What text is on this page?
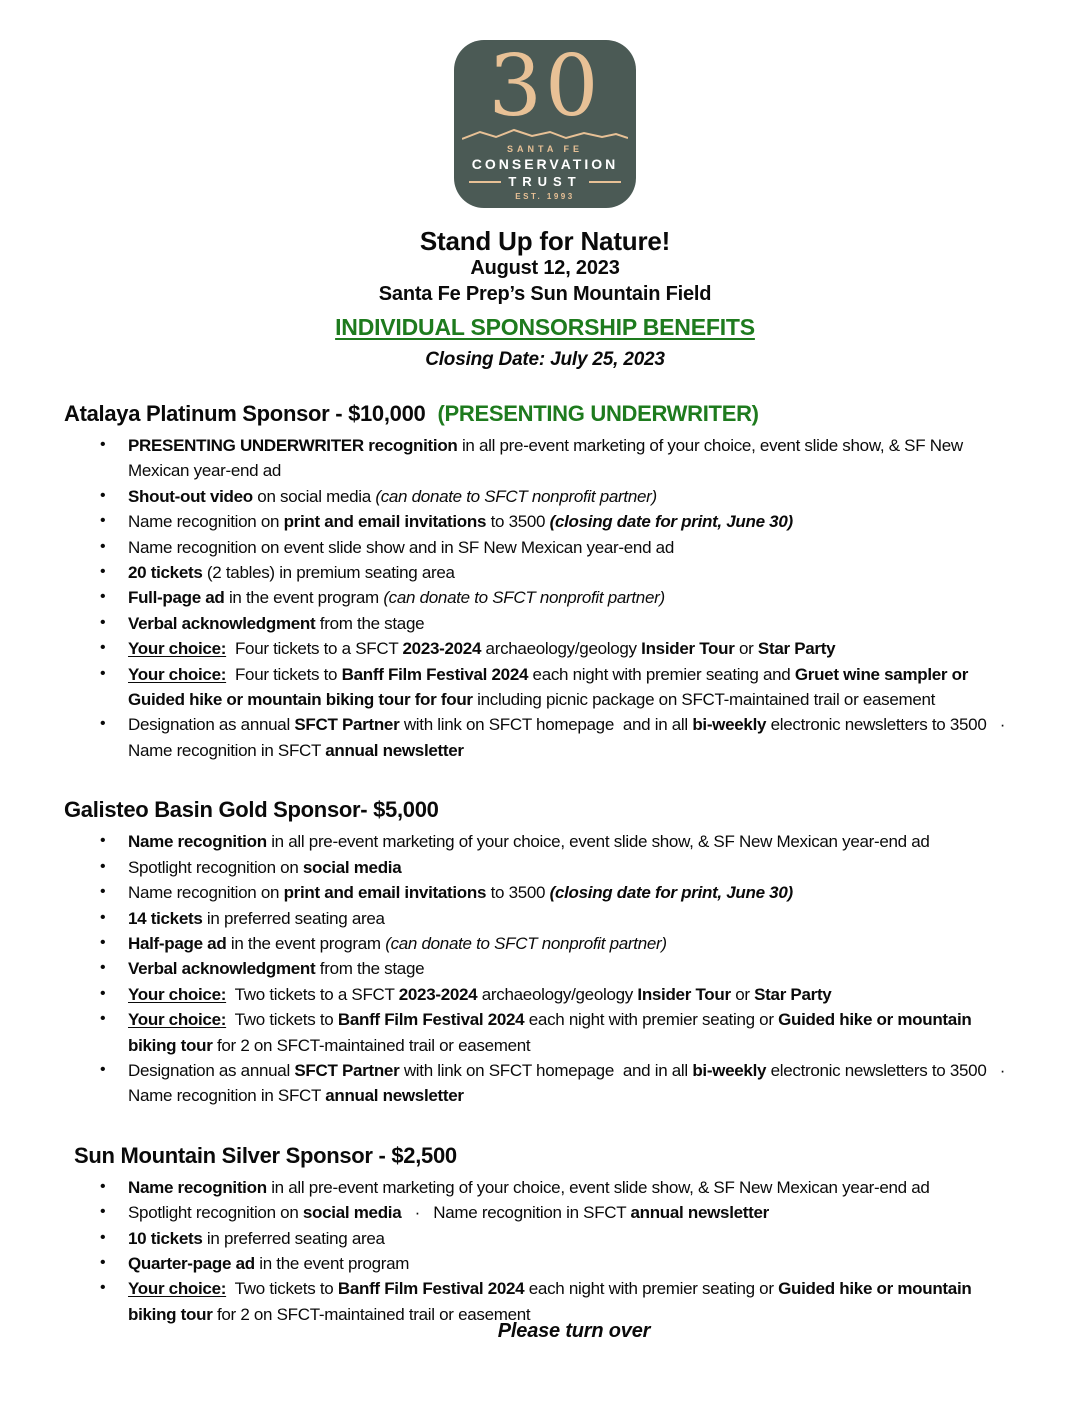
30
SANTA FE
CONSERVATION
TRUST
EST. 1993
Stand Up for Nature!
August 12, 2023
Santa Fe Prep’s Sun Mountain Field
INDIVIDUAL SPONSORSHIP BENEFITS
Closing Date: July 25, 2023
Atalaya Platinum Sponsor - $10,000 (PRESENTING UNDERWRITER)
• PRESENTING UNDERWRITER recognition in all pre-event marketing of your choice, event slide show, & SF New Mexican year-end ad
• Shout-out video on social media (can donate to SFCT nonprofit partner)
• Name recognition on print and email invitations to 3500 (closing date for print, June 30)
• Name recognition on event slide show and in SF New Mexican year-end ad
• 20 tickets (2 tables) in premium seating area
• Full-page ad in the event program (can donate to SFCT nonprofit partner)
• Verbal acknowledgment from the stage
• Your choice:  Four tickets to a SFCT 2023-2024 archaeology/geology Insider Tour or Star Party
• Your choice:  Four tickets to Banff Film Festival 2024 each night with premier seating and Gruet wine sampler or Guided hike or mountain biking tour for four including picnic package on SFCT-maintained trail or easement
• Designation as annual SFCT Partner with link on SFCT homepage  and in all bi-weekly electronic newsletters to 3500   ·   Name recognition in SFCT annual newsletter
Galisteo Basin Gold Sponsor- $5,000
• Name recognition in all pre-event marketing of your choice, event slide show, & SF New Mexican year-end ad
• Spotlight recognition on social media
• Name recognition on print and email invitations to 3500 (closing date for print, June 30)
• 14 tickets in preferred seating area
• Half-page ad in the event program (can donate to SFCT nonprofit partner)
• Verbal acknowledgment from the stage
• Your choice:  Two tickets to a SFCT 2023-2024 archaeology/geology Insider Tour or Star Party
• Your choice:  Two tickets to Banff Film Festival 2024 each night with premier seating or Guided hike or mountain biking tour for 2 on SFCT-maintained trail or easement
• Designation as annual SFCT Partner with link on SFCT homepage  and in all bi-weekly electronic newsletters to 3500   ·   Name recognition in SFCT annual newsletter
Sun Mountain Silver Sponsor - $2,500
• Name recognition in all pre-event marketing of your choice, event slide show, & SF New Mexican year-end ad
• Spotlight recognition on social media   ·   Name recognition in SFCT annual newsletter
• 10 tickets in preferred seating area
• Quarter-page ad in the event program
• Your choice:  Two tickets to Banff Film Festival 2024 each night with premier seating or Guided hike or mountain biking tour for 2 on SFCT-maintained trail or easement
Please turn over
